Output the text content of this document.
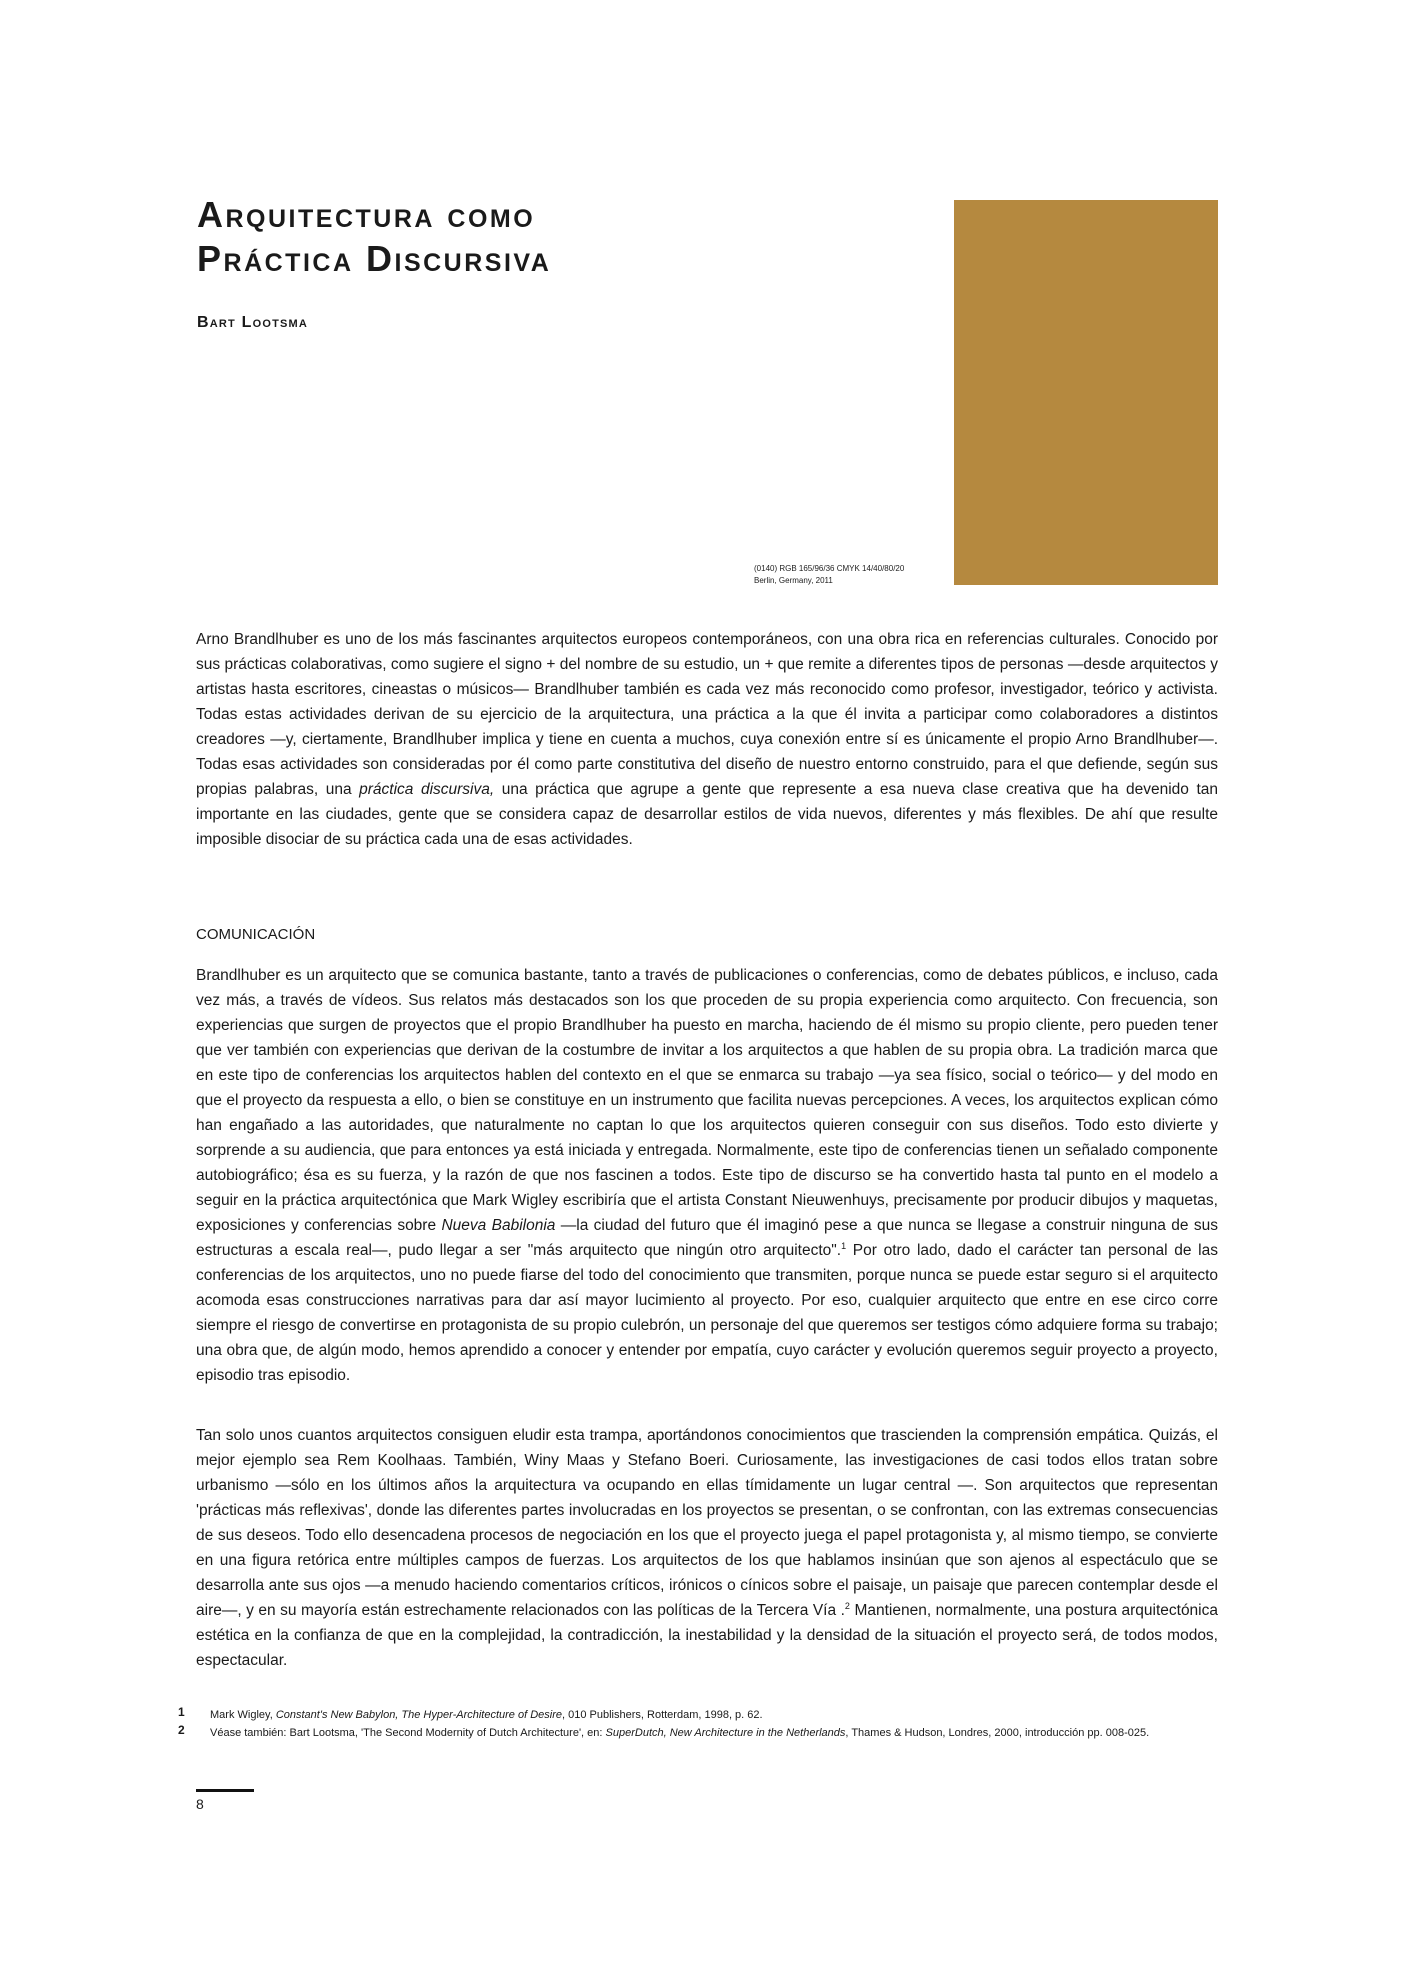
Arquitectura como
Práctica Discursiva
Bart Lootsma
(0140) RGB 165/96/36 CMYK 14/40/80/20
Berlin, Germany, 2011

Arno Brandlhuber es uno de los más fascinantes arquitectos europeos contemporáneos, con una obra rica en referencias culturales. Conocido por sus prácticas colaborativas, como sugiere el signo + del nombre de su estudio, un + que remite a diferentes tipos de personas —desde arquitectos y artistas hasta escritores, cineastas o músicos— Brandlhuber también es cada vez más reconocido como profesor, investigador, teórico y activista. Todas estas actividades derivan de su ejercicio de la arquitectura, una práctica a la que él invita a participar como colaboradores a distintos creadores —y, ciertamente, Brandlhuber implica y tiene en cuenta a muchos, cuya conexión entre sí es únicamente el propio Arno Brandlhuber—. Todas esas actividades son consideradas por él como parte constitutiva del diseño de nuestro entorno construido, para el que defiende, según sus propias palabras, una práctica discursiva, una práctica que agrupe a gente que represente a esa nueva clase creativa que ha devenido tan importante en las ciudades, gente que se considera capaz de desarrollar estilos de vida nuevos, diferentes y más flexibles. De ahí que resulte imposible disociar de su práctica cada una de esas actividades.

COMUNICACIÓN

Brandlhuber es un arquitecto que se comunica bastante, tanto a través de publicaciones o conferencias, como de debates públicos, e incluso, cada vez más, a través de vídeos. Sus relatos más destacados son los que proceden de su propia experiencia como arquitecto. Con frecuencia, son experiencias que surgen de proyectos que el propio Brandlhuber ha puesto en marcha, haciendo de él mismo su propio cliente, pero pueden tener que ver también con experiencias que derivan de la costumbre de invitar a los arquitectos a que hablen de su propia obra. La tradición marca que en este tipo de conferencias los arquitectos hablen del contexto en el que se enmarca su trabajo —ya sea físico, social o teórico— y del modo en que el proyecto da respuesta a ello, o bien se constituye en un instrumento que facilita nuevas percepciones. A veces, los arquitectos explican cómo han engañado a las autoridades, que naturalmente no captan lo que los arquitectos quieren conseguir con sus diseños. Todo esto divierte y sorprende a su audiencia, que para entonces ya está iniciada y entregada. Normalmente, este tipo de conferencias tienen un señalado componente autobiográfico; ésa es su fuerza, y la razón de que nos fascinen a todos. Este tipo de discurso se ha convertido hasta tal punto en el modelo a seguir en la práctica arquitectónica que Mark Wigley escribiría que el artista Constant Nieuwenhuys, precisamente por producir dibujos y maquetas, exposiciones y conferencias sobre Nueva Babilonia —la ciudad del futuro que él imaginó pese a que nunca se llegase a construir ninguna de sus estructuras a escala real—, pudo llegar a ser "más arquitecto que ningún otro arquitecto".$^1$ Por otro lado, dado el carácter tan personal de las conferencias de los arquitectos, uno no puede fiarse del todo del conocimiento que transmiten, porque nunca se puede estar seguro si el arquitecto acomoda esas construcciones narrativas para dar así mayor lucimiento al proyecto. Por eso, cualquier arquitecto que entre en ese circo corre siempre el riesgo de convertirse en protagonista de su propio culebrón, un personaje del que queremos ser testigos cómo adquiere forma su trabajo; una obra que, de algún modo, hemos aprendido a conocer y entender por empatía, cuyo carácter y evolución queremos seguir proyecto a proyecto, episodio tras episodio.

Tan solo unos cuantos arquitectos consiguen eludir esta trampa, aportándonos conocimientos que trascienden la comprensión empática. Quizás, el mejor ejemplo sea Rem Koolhaas. También, Winy Maas y Stefano Boeri. Curiosamente, las investigaciones de casi todos ellos tratan sobre urbanismo —sólo en los últimos años la arquitectura va ocupando en ellas tímidamente un lugar central —. Son arquitectos que representan 'prácticas más reflexivas', donde las diferentes partes involucradas en los proyectos se presentan, o se confrontan, con las extremas consecuencias de sus deseos. Todo ello desencadena procesos de negociación en los que el proyecto juega el papel protagonista y, al mismo tiempo, se convierte en una figura retórica entre múltiples campos de fuerzas. Los arquitectos de los que hablamos insinúan que son ajenos al espectáculo que se desarrolla ante sus ojos —a menudo haciendo comentarios críticos, irónicos o cínicos sobre el paisaje, un paisaje que parecen contemplar desde el aire—, y en su mayoría están estrechamente relacionados con las políticas de la Tercera Vía .$^2$ Mantienen, normalmente, una postura arquitectónica estética en la confianza de que en la complejidad, la contradicción, la inestabilidad y la densidad de la situación el proyecto será, de todos modos, espectacular.

1 Mark Wigley, Constant's New Babylon, The Hyper-Architecture of Desire, 010 Publishers, Rotterdam, 1998, p. 62.
2 Véase también: Bart Lootsma, 'The Second Modernity of Dutch Architecture', en: SuperDutch, New Architecture in the Netherlands, Thames & Hudson, Londres, 2000, introducción pp. 008-025.
8
